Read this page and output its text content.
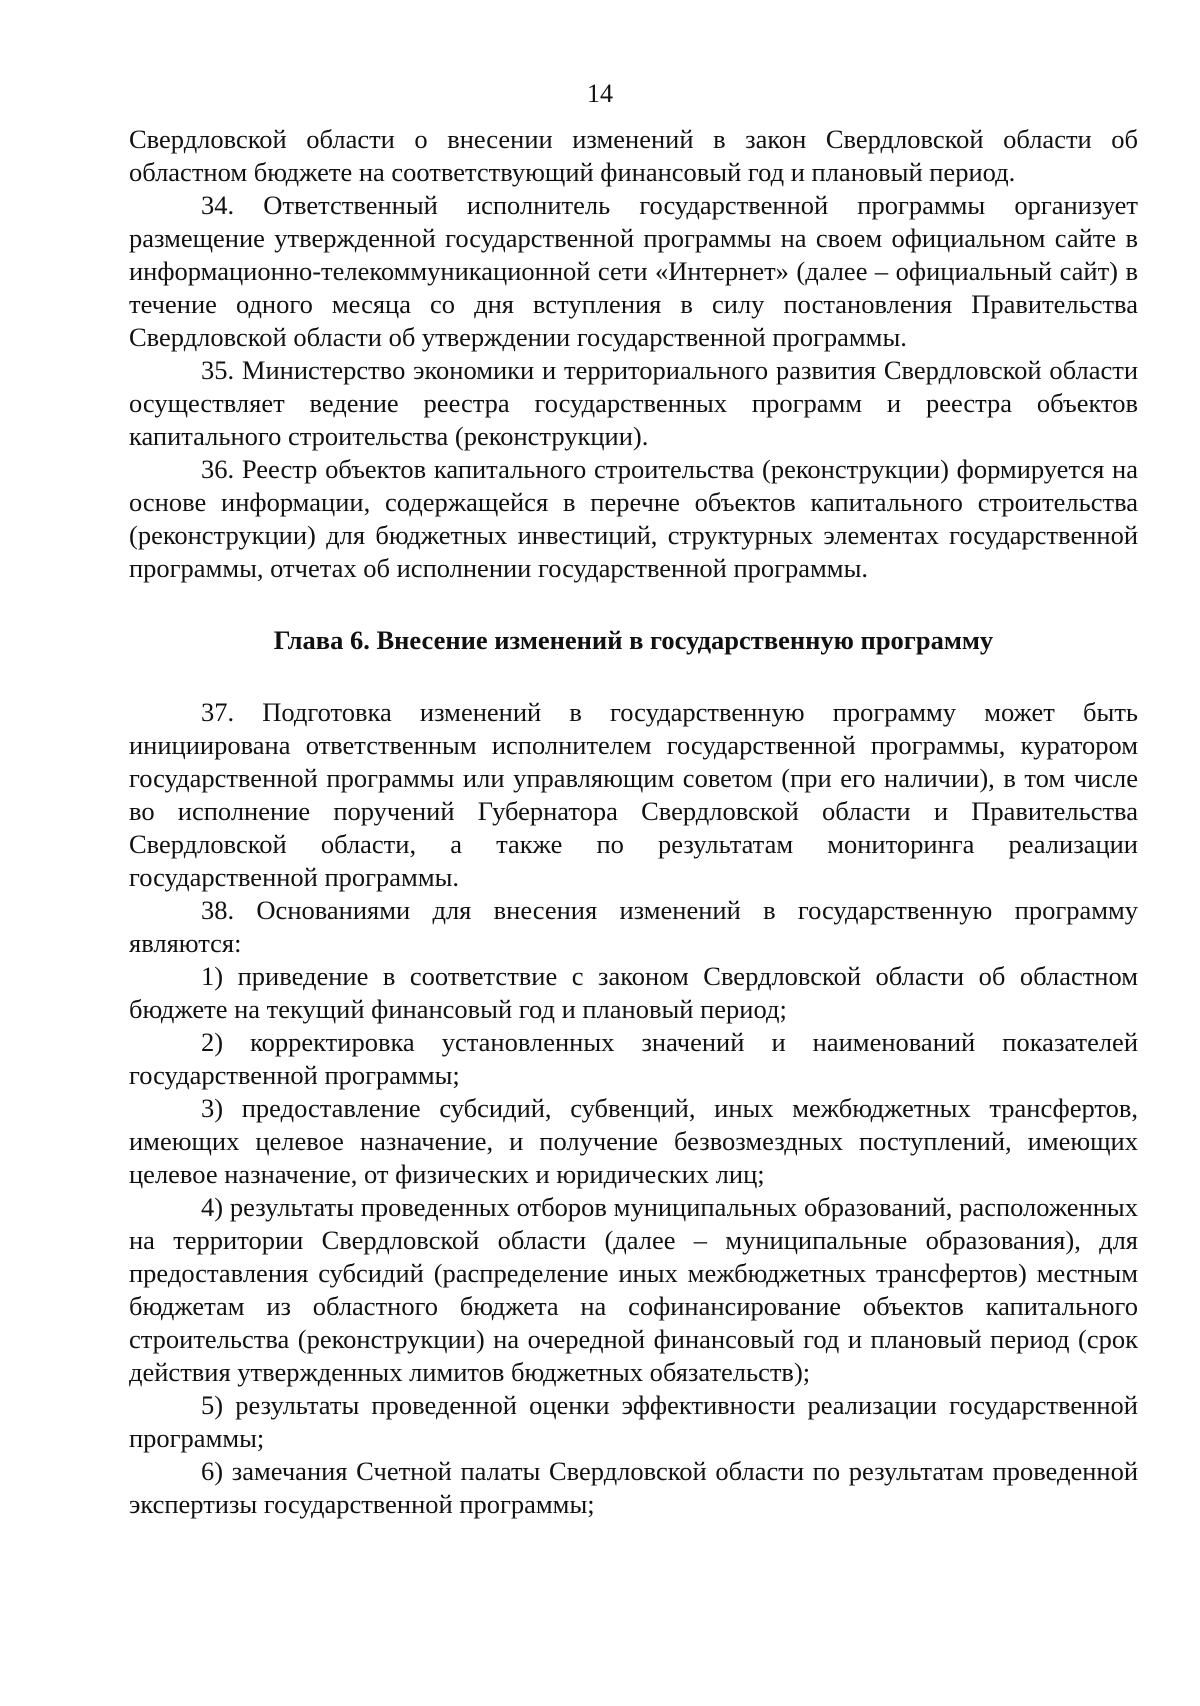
14

Свердловской области о внесении изменений в закон Свердловской области об областном бюджете на соответствующий финансовый год и плановый период.

34. Ответственный исполнитель государственной программы организует размещение утвержденной государственной программы на своем официальном сайте в информационно-телекоммуникационной сети «Интернет» (далее – официальный сайт) в течение одного месяца со дня вступления в силу постановления Правительства Свердловской области об утверждении государственной программы.

35. Министерство экономики и территориального развития Свердловской области осуществляет ведение реестра государственных программ и реестра объектов капитального строительства (реконструкции).

36. Реестр объектов капитального строительства (реконструкции) формируется на основе информации, содержащейся в перечне объектов капитального строительства (реконструкции) для бюджетных инвестиций, структурных элементах государственной программы, отчетах об исполнении государственной программы.

Глава 6. Внесение изменений в государственную программу

37. Подготовка изменений в государственную программу может быть инициирована ответственным исполнителем государственной программы, куратором государственной программы или управляющим советом (при его наличии), в том числе во исполнение поручений Губернатора Свердловской области и Правительства Свердловской области, а также по результатам мониторинга реализации государственной программы.

38. Основаниями для внесения изменений в государственную программу являются:

1) приведение в соответствие с законом Свердловской области об областном бюджете на текущий финансовый год и плановый период;

2) корректировка установленных значений и наименований показателей государственной программы;

3) предоставление субсидий, субвенций, иных межбюджетных трансфертов, имеющих целевое назначение, и получение безвозмездных поступлений, имеющих целевое назначение, от физических и юридических лиц;

4) результаты проведенных отборов муниципальных образований, расположенных на территории Свердловской области (далее – муниципальные образования), для предоставления субсидий (распределение иных межбюджетных трансфертов) местным бюджетам из областного бюджета на софинансирование объектов капитального строительства (реконструкции) на очередной финансовый год и плановый период (срок действия утвержденных лимитов бюджетных обязательств);

5) результаты проведенной оценки эффективности реализации государственной программы;

6) замечания Счетной палаты Свердловской области по результатам проведенной экспертизы государственной программы;
